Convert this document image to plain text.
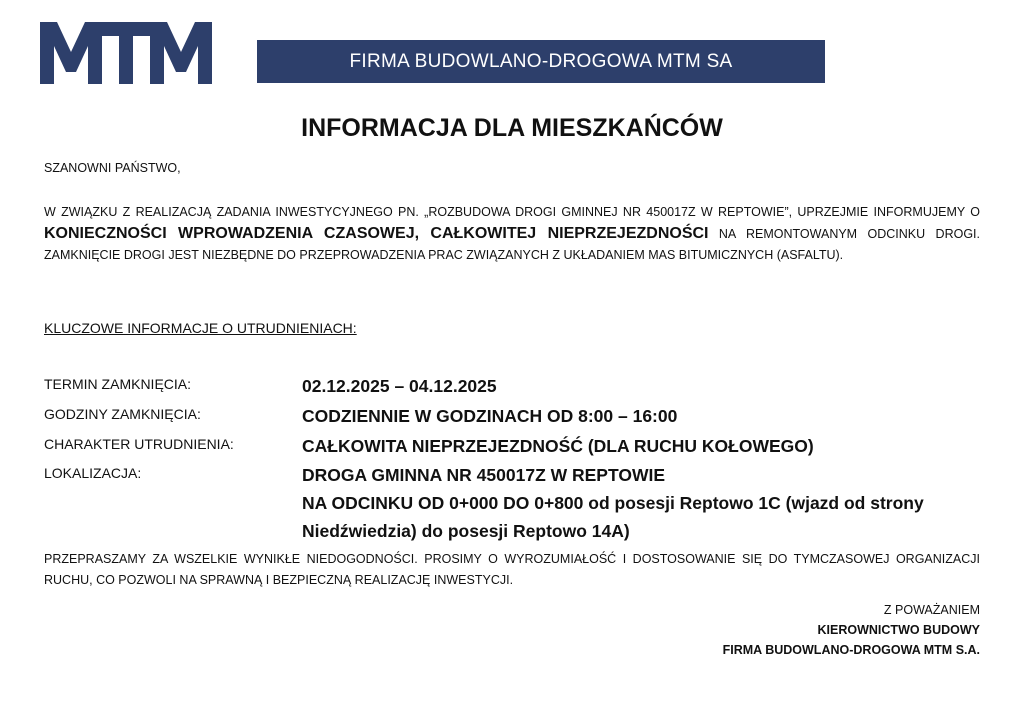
FIRMA BUDOWLANO-DROGOWA MTM SA
INFORMACJA DLA MIESZKAŃCÓW
SZANOWNI PAŃSTWO,
W ZWIĄZKU Z REALIZACJĄ ZADANIA INWESTYCYJNEGO PN. „ROZBUDOWA DROGI GMINNEJ NR 450017Z W REPTOWIE”, UPRZEJMIE INFORMUJEMY O KONIECZNOŚCI WPROWADZENIA CZASOWEJ, CAŁKOWITEJ NIEPRZEJEZDNOŚCI NA REMONTOWANYM ODCINKU DROGI. ZAMKNIĘCIE DROGI JEST NIEZBĘDNE DO PRZEPROWADZENIA PRAC ZWIĄZANYCH Z UKŁADANIEM MAS BITUMICZNYCH (ASFALTU).
KLUCZOWE INFORMACJE O UTRUDNIENIACH:
TERMIN ZAMKNIĘCIA:	02.12.2025 – 04.12.2025
GODZINY ZAMKNIĘCIA:	CODZIENNIE W GODZINACH OD 8:00 – 16:00
CHARAKTER UTRUDNIENIA:	CAŁKOWITA NIEPRZEJEZDNOŚĆ (DLA RUCHU KOŁOWEGO)
LOKALIZACJA:	DROGA GMINNA NR 450017Z W REPTOWIE
NA ODCINKU OD 0+000 DO 0+800 od posesji Reptowo 1C (wjazd od strony Niedźwiedzia) do posesji Reptowo 14A)
PRZEPRASZAMY ZA WSZELKIE WYNIKŁE NIEDOGODNOŚCI. PROSIMY O WYROZUMIAŁOŚĆ I DOSTOSOWANIE SIĘ DO TYMCZASOWEJ ORGANIZACJI RUCHU, CO POZWOLI NA SPRAWNĄ I BEZPIECZNĄ REALIZACJĘ INWESTYCJI.
Z POWAŻANIEM
KIEROWNICTWO BUDOWY
FIRMA BUDOWLANO-DROGOWA MTM S.A.
